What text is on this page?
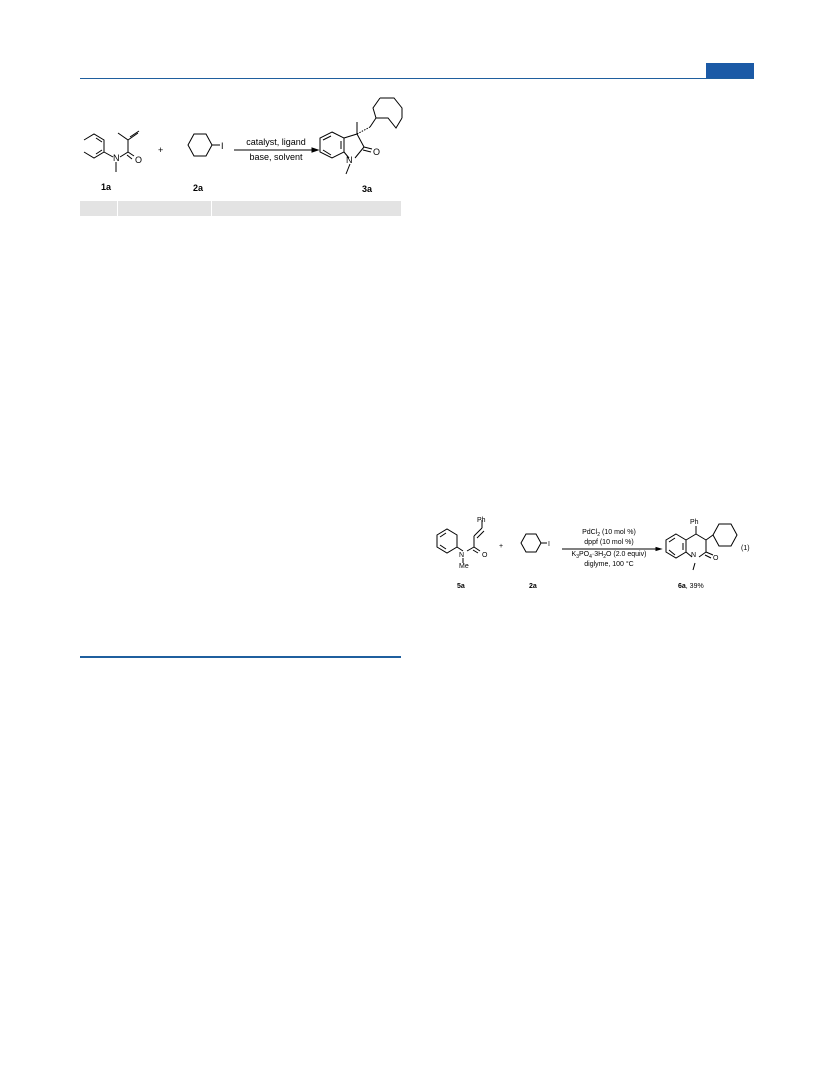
N O
1a
+	I
2a
catalyst, ligand
base, solvent	N
O
3a
N	O
Me
Ph
5a
+	I
2a
PdCl$_2$ (10 mol %)
dppf (10 mol %)
$K_3PO_4\cdot 3H_2O$ (2.0 equiv)
diglyme, 100 °C
N O
Ph
6a, 39%
(1)
